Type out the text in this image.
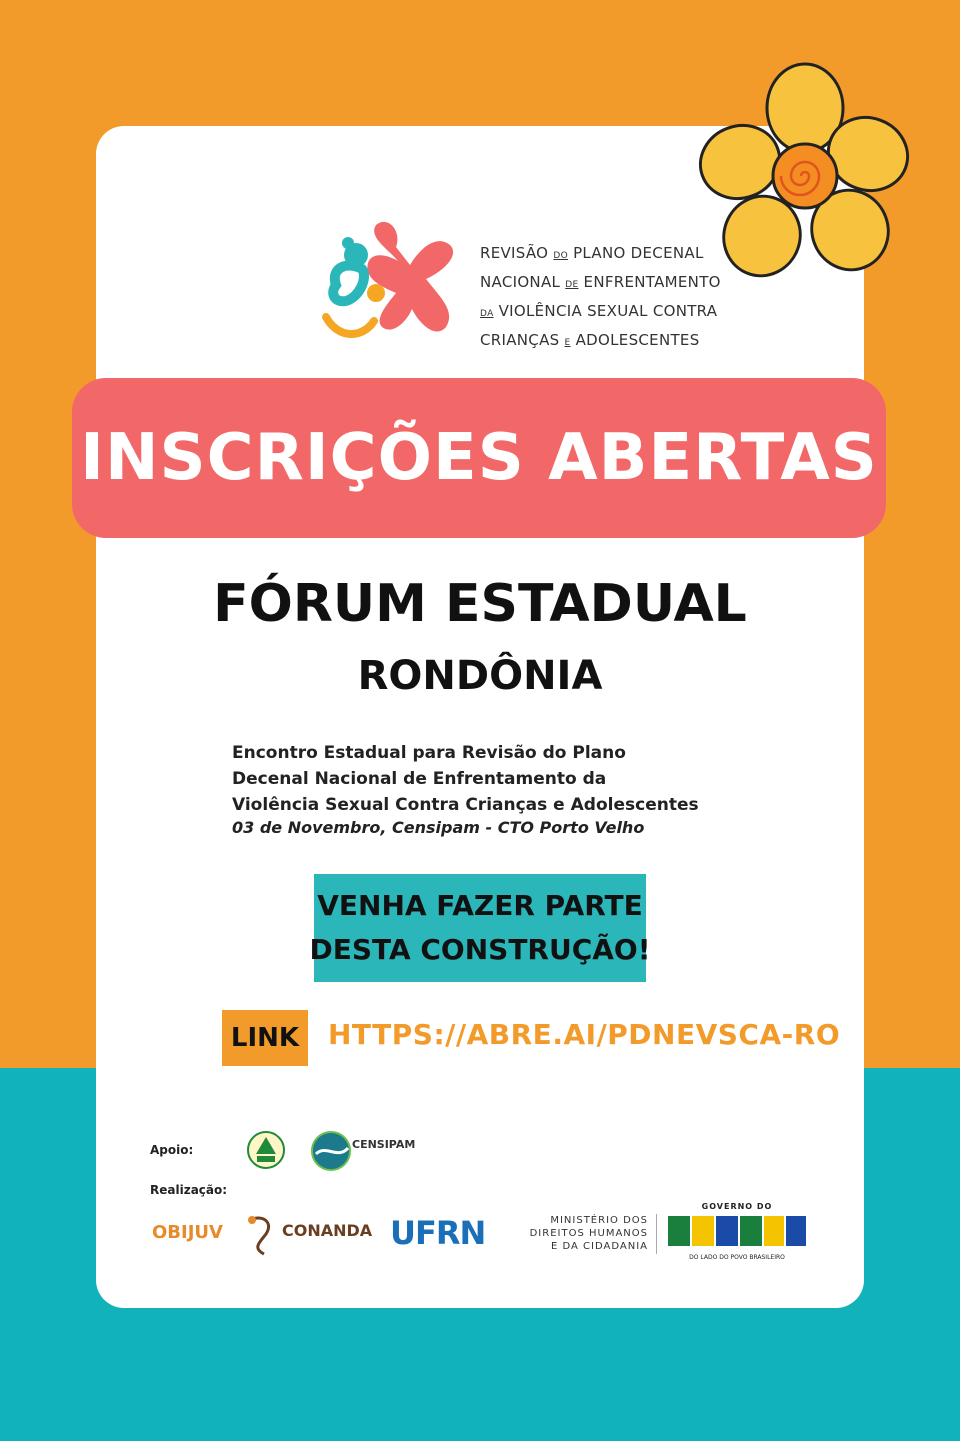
REVISÃO DO PLANO DECENAL
NACIONAL DE ENFRENTAMENTO
DA VIOLÊNCIA SEXUAL CONTRA
CRIANÇAS E ADOLESCENTES
INSCRIÇÕES ABERTAS
FÓRUM ESTADUAL
RONDÔNIA
Encontro Estadual para Revisão do Plano
Decenal Nacional de Enfrentamento da
Violência Sexual Contra Crianças e Adolescentes
03 de Novembro, Censipam - CTO Porto Velho
VENHA FAZER PARTE
DESTA CONSTRUÇÃO!
LINK HTTPS://ABRE.AI/PDNEVSCA-RO
Apoio:
Realização:
CENSIPAM
OBIJUV	CONANDA UFRN	MINISTÉRIO DOS
DIREITOS HUMANOS
E DA CIDADANIA
GOVERNO DO
DO LADO DO POVO BRASILEIRO
